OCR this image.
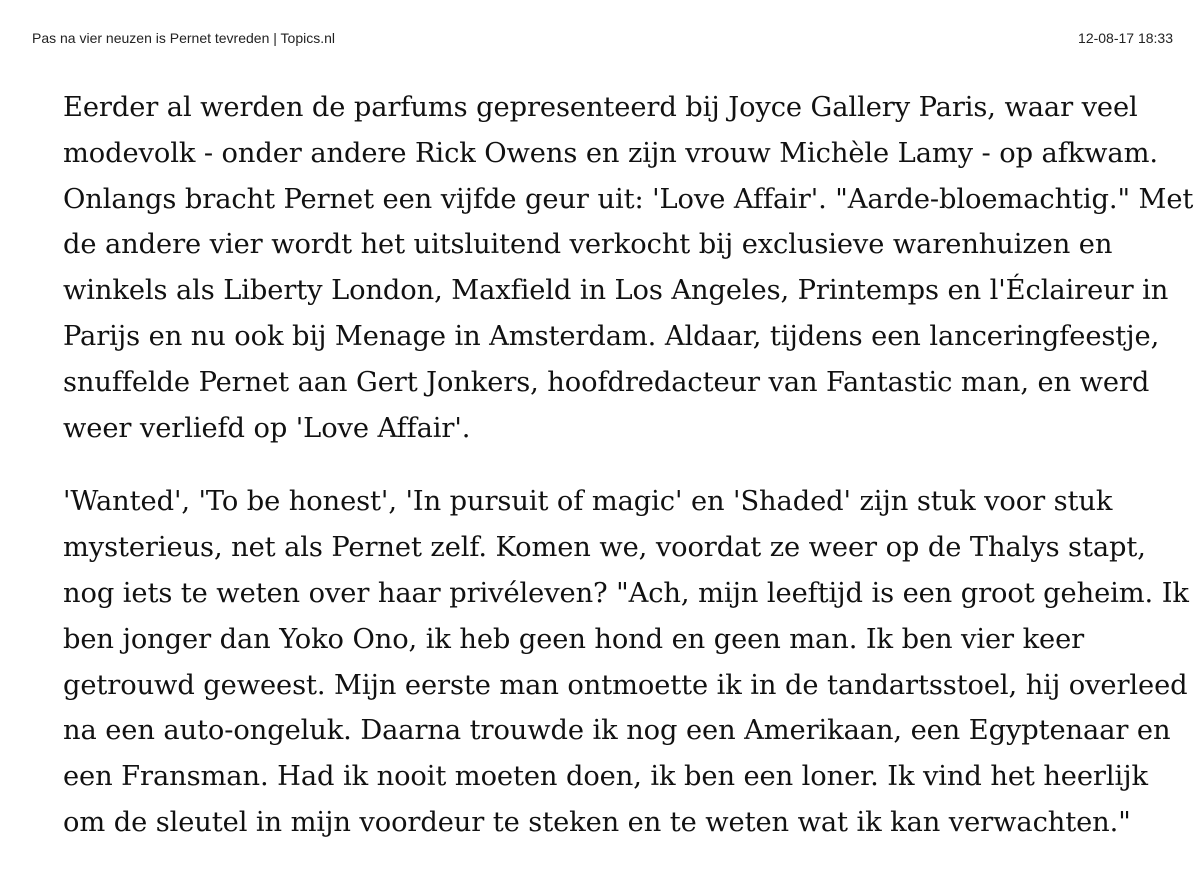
Pas na vier neuzen is Pernet tevreden | Topics.nl	12-08-17 18:33

Eerder al werden de parfums gepresenteerd bij Joyce Gallery Paris, waar veel
modevolk - onder andere Rick Owens en zijn vrouw Michèle Lamy - op afkwam.
Onlangs bracht Pernet een vijfde geur uit: 'Love Affair'. "Aarde-bloemachtig." Met
de andere vier wordt het uitsluitend verkocht bij exclusieve warenhuizen en
winkels als Liberty London, Maxfield in Los Angeles, Printemps en l'Éclaireur in
Parijs en nu ook bij Menage in Amsterdam. Aldaar, tijdens een lanceringfeestje,
snuffelde Pernet aan Gert Jonkers, hoofdredacteur van Fantastic man, en werd
weer verliefd op 'Love Affair'.

'Wanted', 'To be honest', 'In pursuit of magic' en 'Shaded' zijn stuk voor stuk
mysterieus, net als Pernet zelf. Komen we, voordat ze weer op de Thalys stapt,
nog iets te weten over haar privéleven? "Ach, mijn leeftijd is een groot geheim. Ik
ben jonger dan Yoko Ono, ik heb geen hond en geen man. Ik ben vier keer
getrouwd geweest. Mijn eerste man ontmoette ik in de tandartsstoel, hij overleed
na een auto-ongeluk. Daarna trouwde ik nog een Amerikaan, een Egyptenaar en
een Fransman. Had ik nooit moeten doen, ik ben een loner. Ik vind het heerlijk
om de sleutel in mijn voordeur te steken en te weten wat ik kan verwachten."
